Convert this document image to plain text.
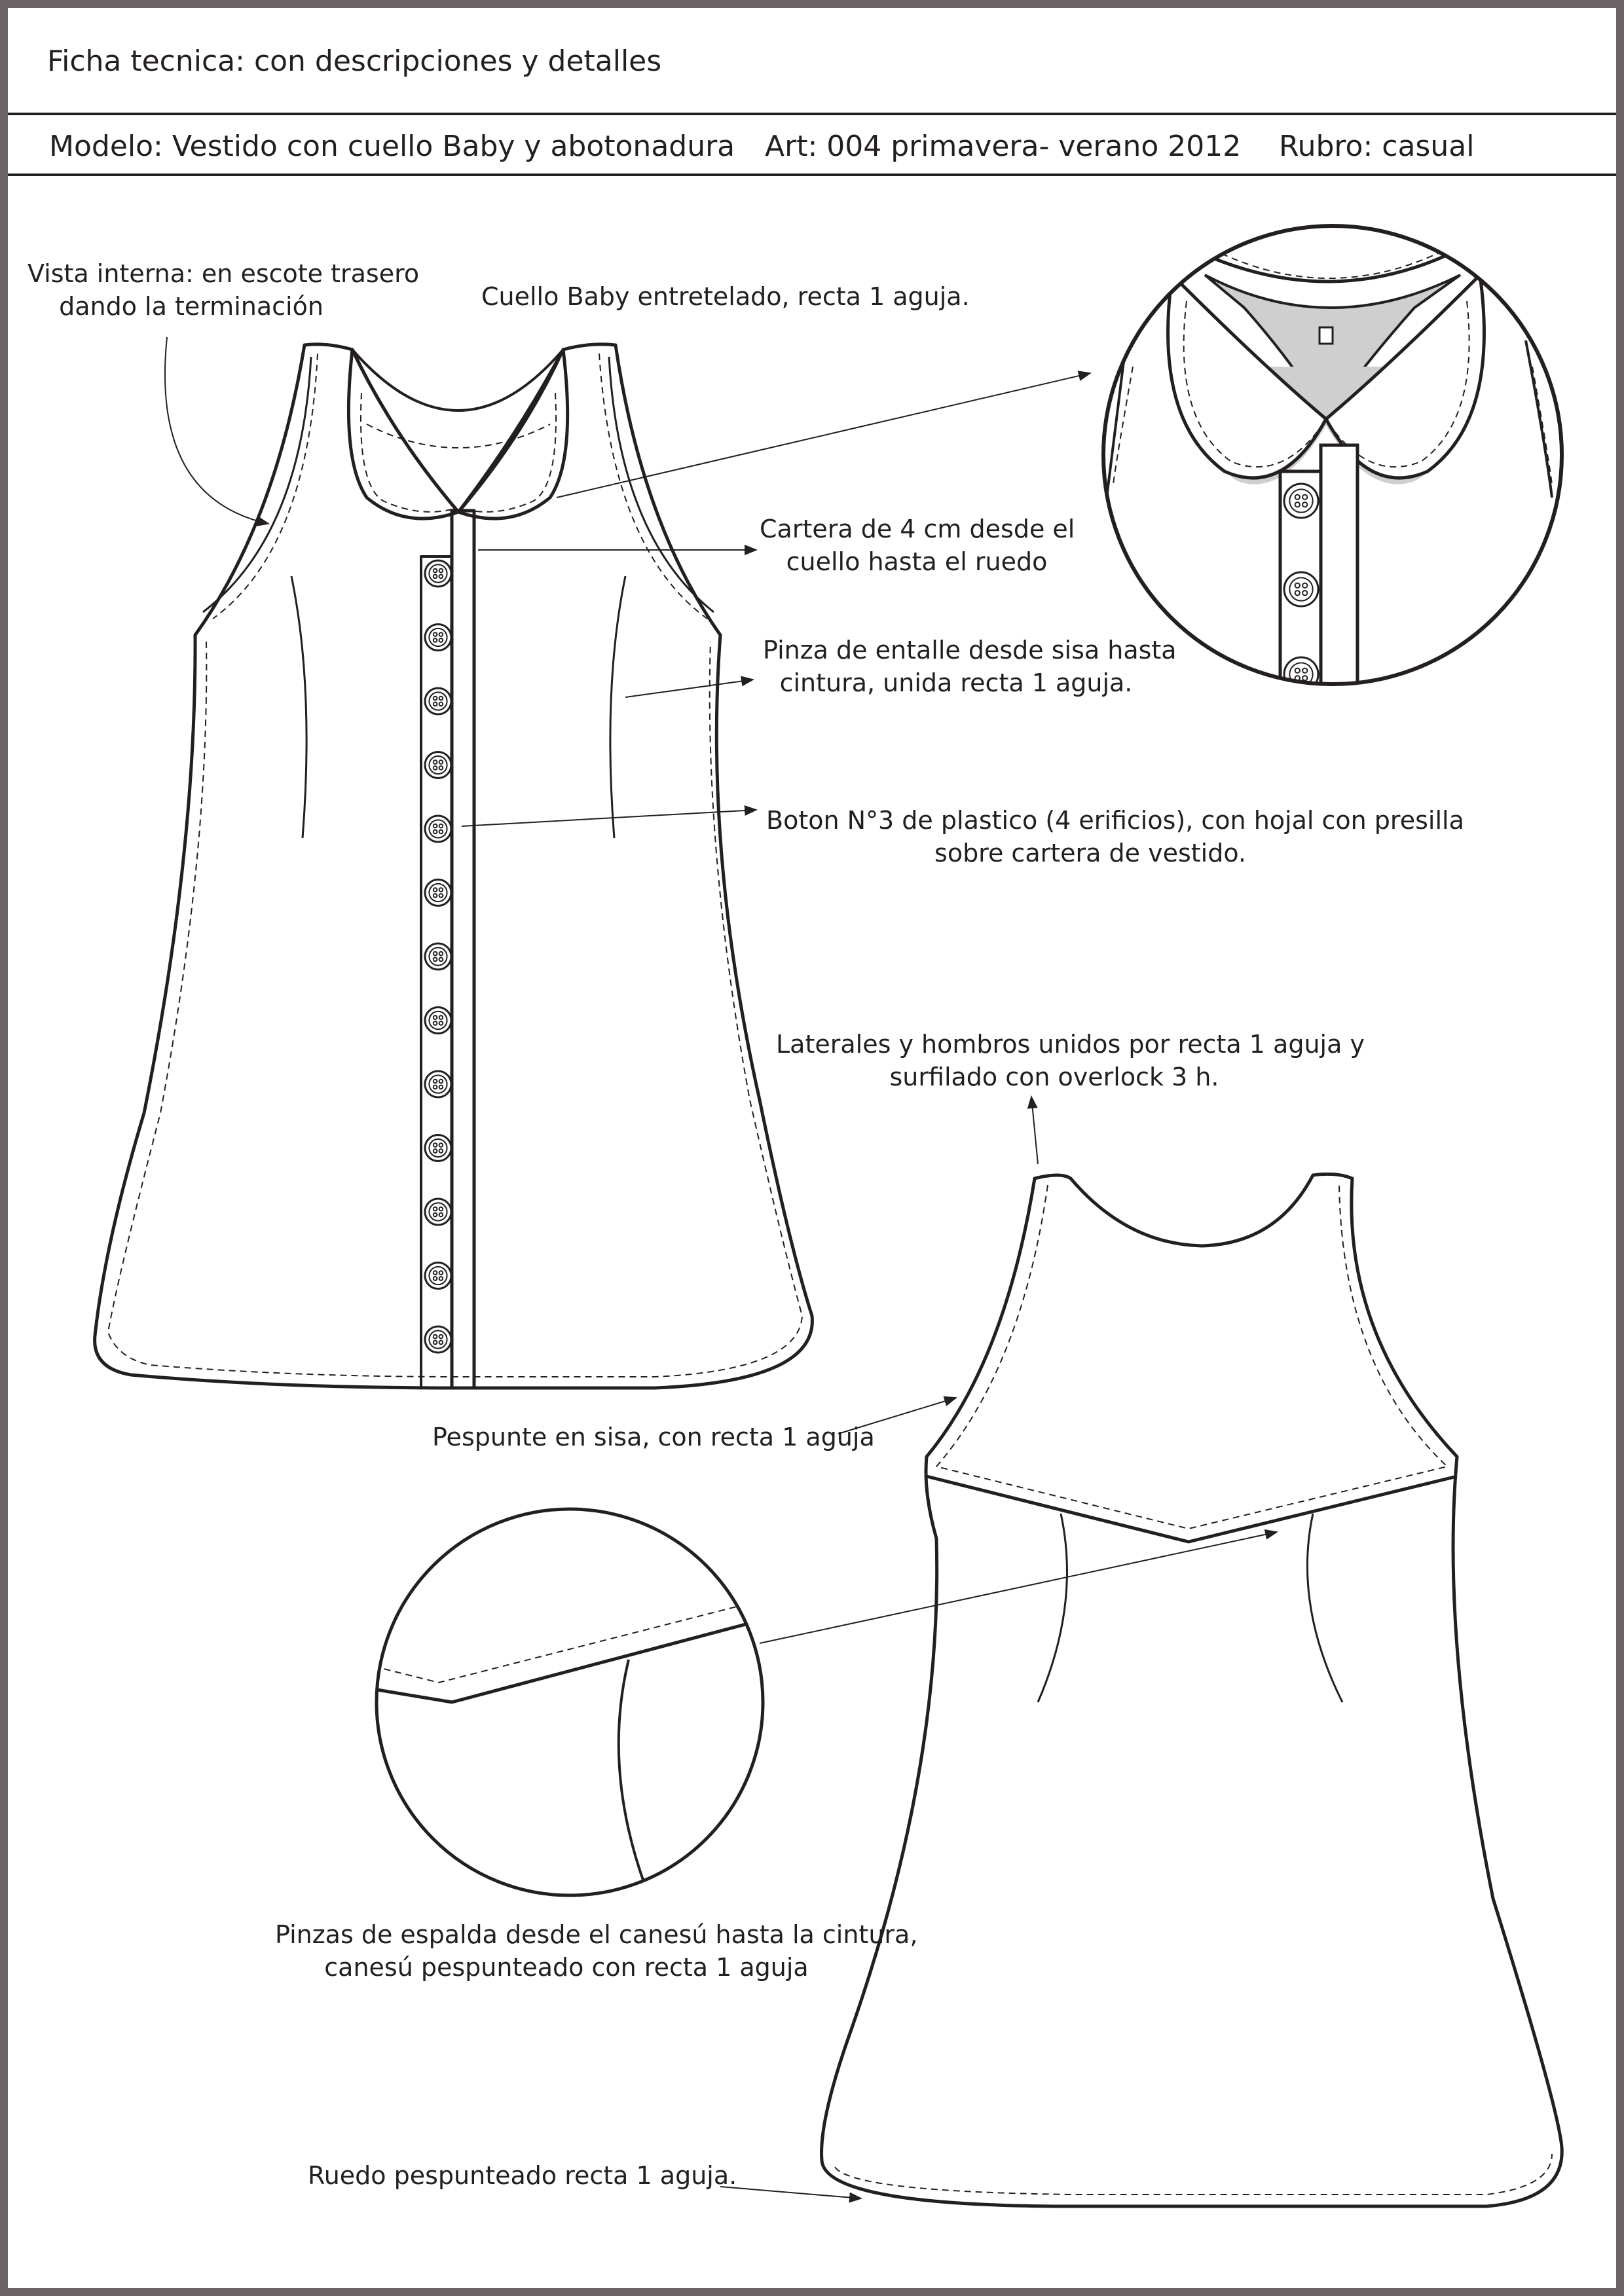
Ficha tecnica: con descripciones y detalles
Modelo: Vestido con cuello Baby y abotonadura Art: 004 primavera- verano 2012 Rubro: casual
Vista interna: en escote trasero
dando la terminación	Cuello Baby entretelado, recta 1 aguja.
Cartera de 4 cm desde el
cuello hasta el ruedo
Pinza de entalle desde sisa hasta
cintura, unida recta 1 aguja.
Boton N°3 de plastico (4 erificios), con hojal con presilla
sobre cartera de vestido.
Laterales y hombros unidos por recta 1 aguja y
surfilado con overlock 3 h.
Pespunte en sisa, con recta 1 aguja
Pinzas de espalda desde el canesú hasta la cintura,
canesú pespunteado con recta 1 aguja
Ruedo pespunteado recta 1 aguja.
